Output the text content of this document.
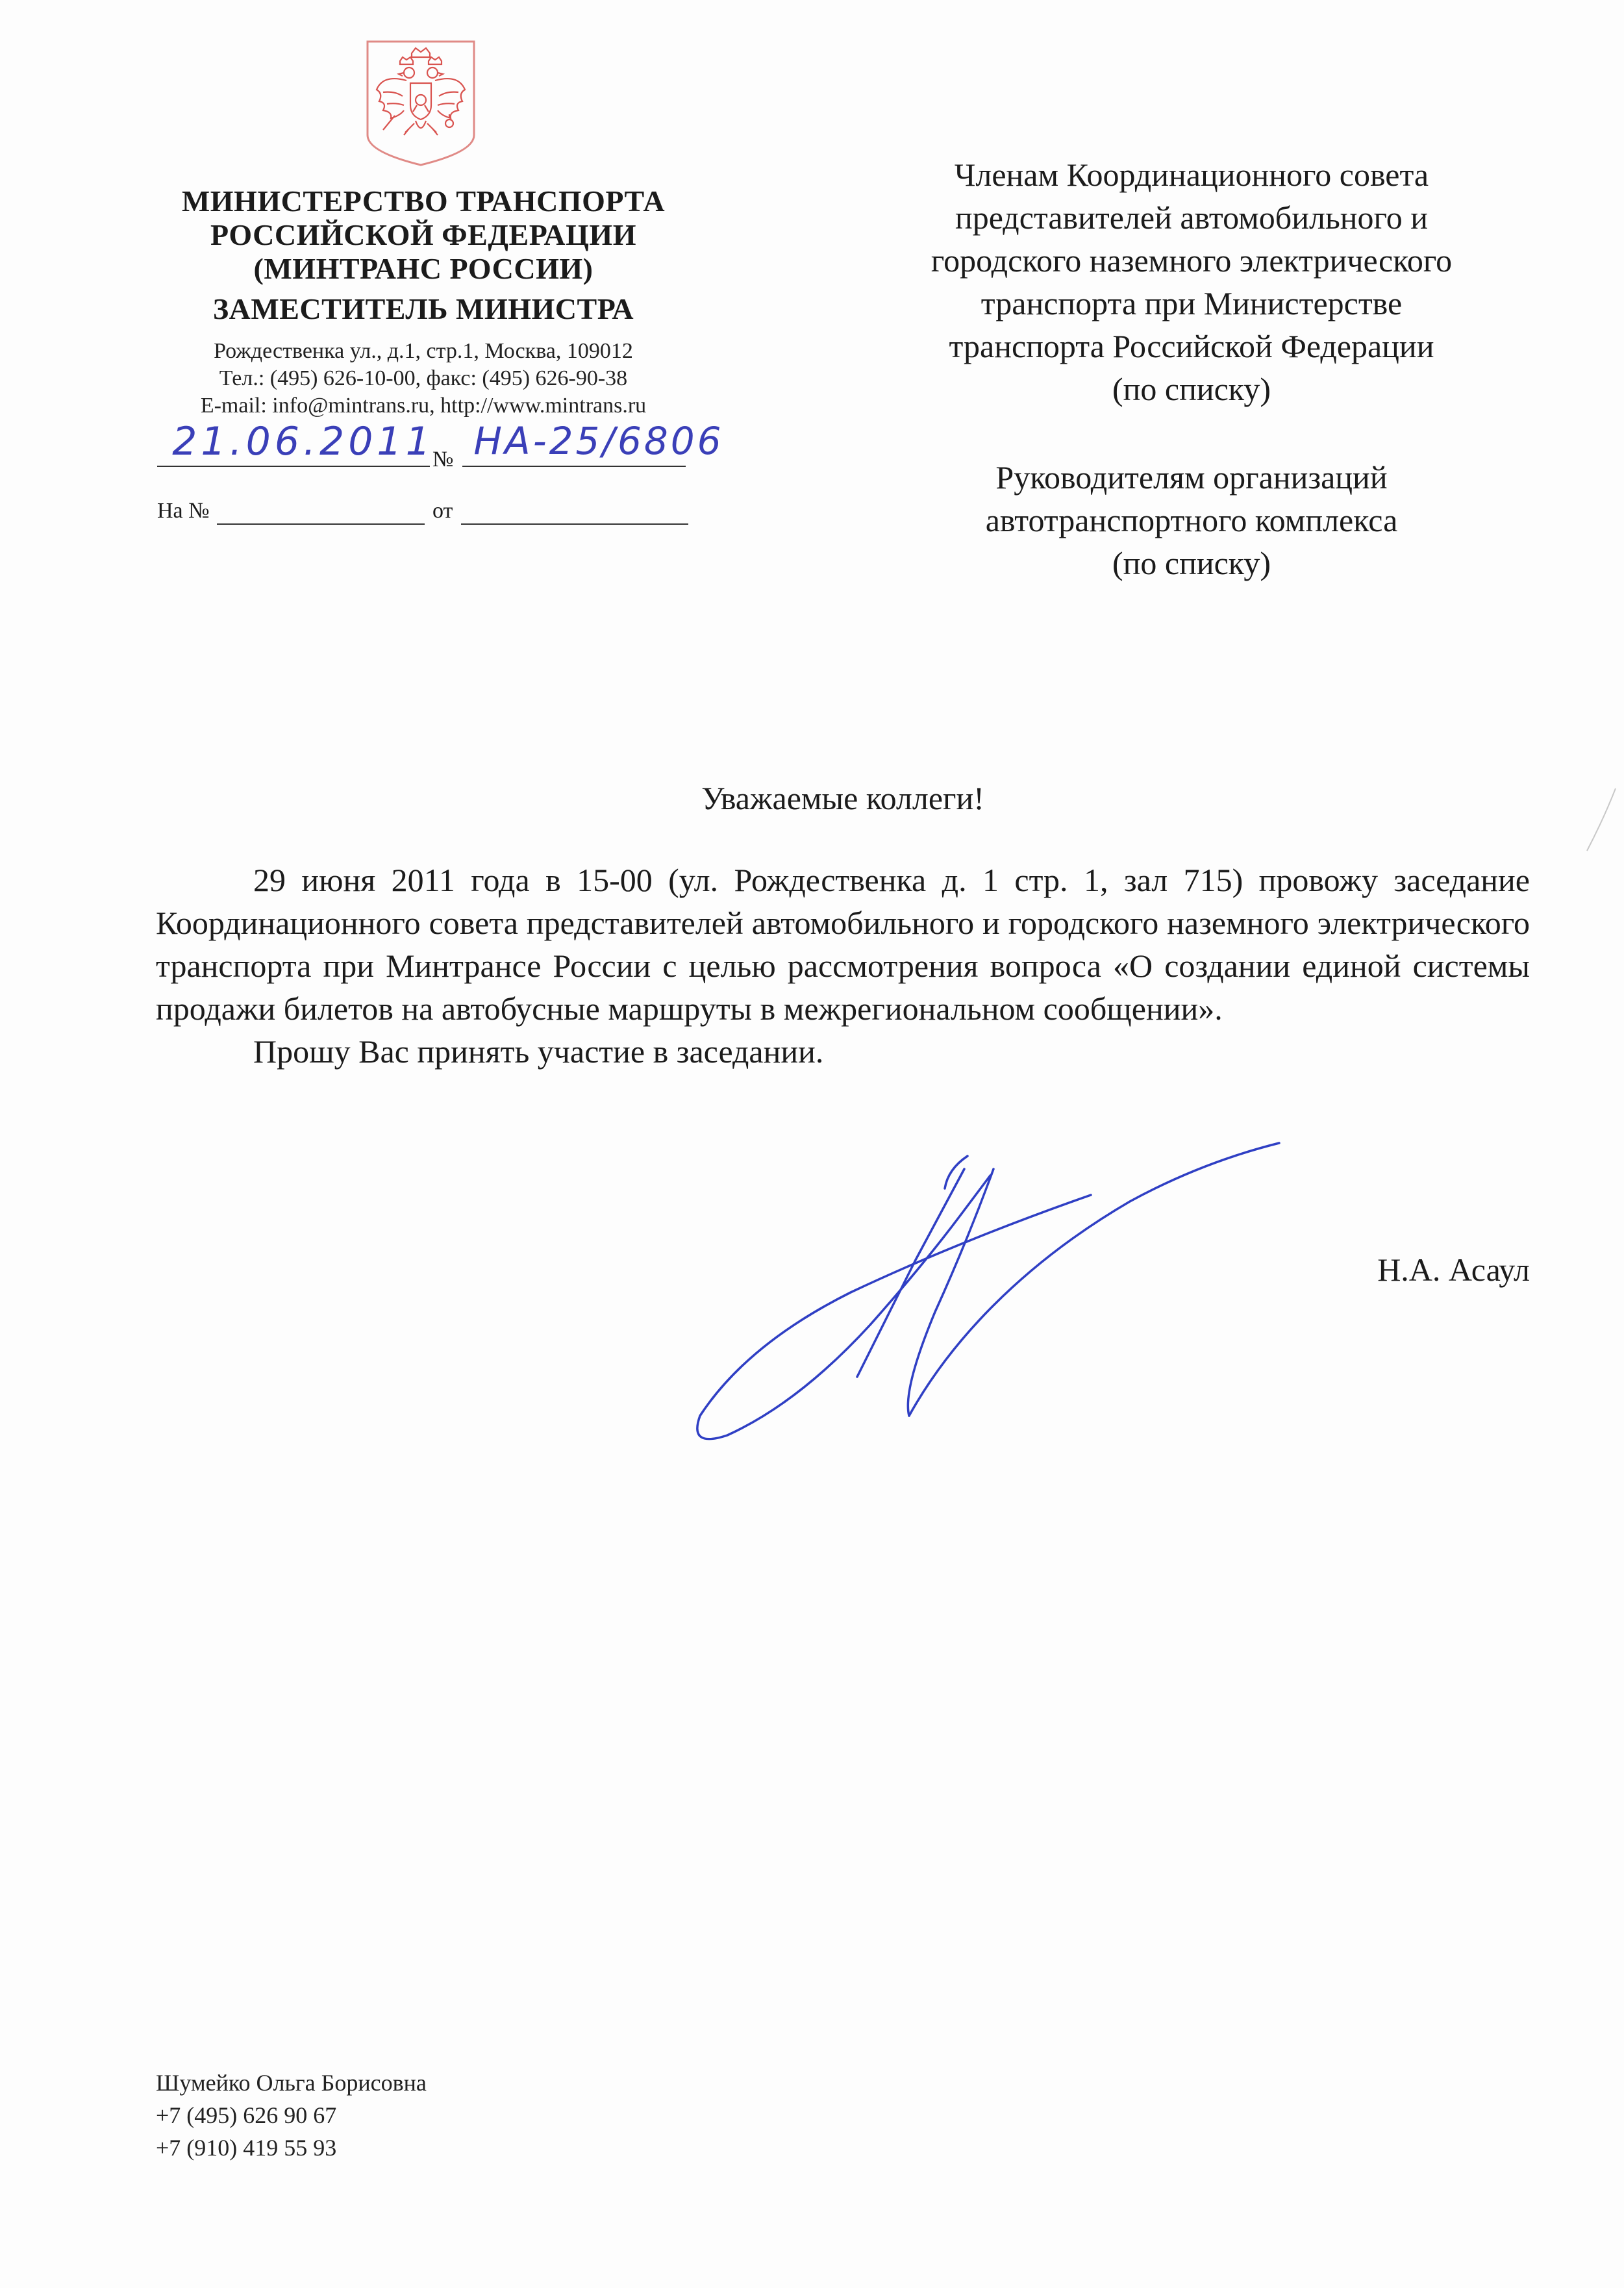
МИНИСТЕРСТВО ТРАНСПОРТА
РОССИЙСКОЙ ФЕДЕРАЦИИ
(МИНТРАНС РОССИИ)
ЗАМЕСТИТЕЛЬ МИНИСТРА
Рождественка ул., д.1, стр.1, Москва, 109012
Тел.: (495) 626-10-00, факс: (495) 626-90-38
E-mail: info@mintrans.ru, http://www.mintrans.ru
21.06.2011
№ НА-25/6806
На №	от
Членам Координационного совета
представителей автомобильного и
городского наземного электрического
транспорта при Министерстве
транспорта Российской Федерации
(по списку)
Руководителям организаций
автотранспортного комплекса
(по списку)
Уважаемые коллеги!

29 июня 2011 года в 15-00 (ул. Рождественка д. 1 стр. 1, зал 715) провожу заседание Координационного совета представителей автомобильного и городского наземного электрического транспорта при Минтрансе России с целью рассмотрения вопроса «О создании единой системы продажи билетов на автобусные маршруты в межрегиональном сообщении».

Прошу Вас принять участие в заседании.

Н.А. Асаул
Шумейко Ольга Борисовна
+7 (495) 626 90 67
+7 (910) 419 55 93
